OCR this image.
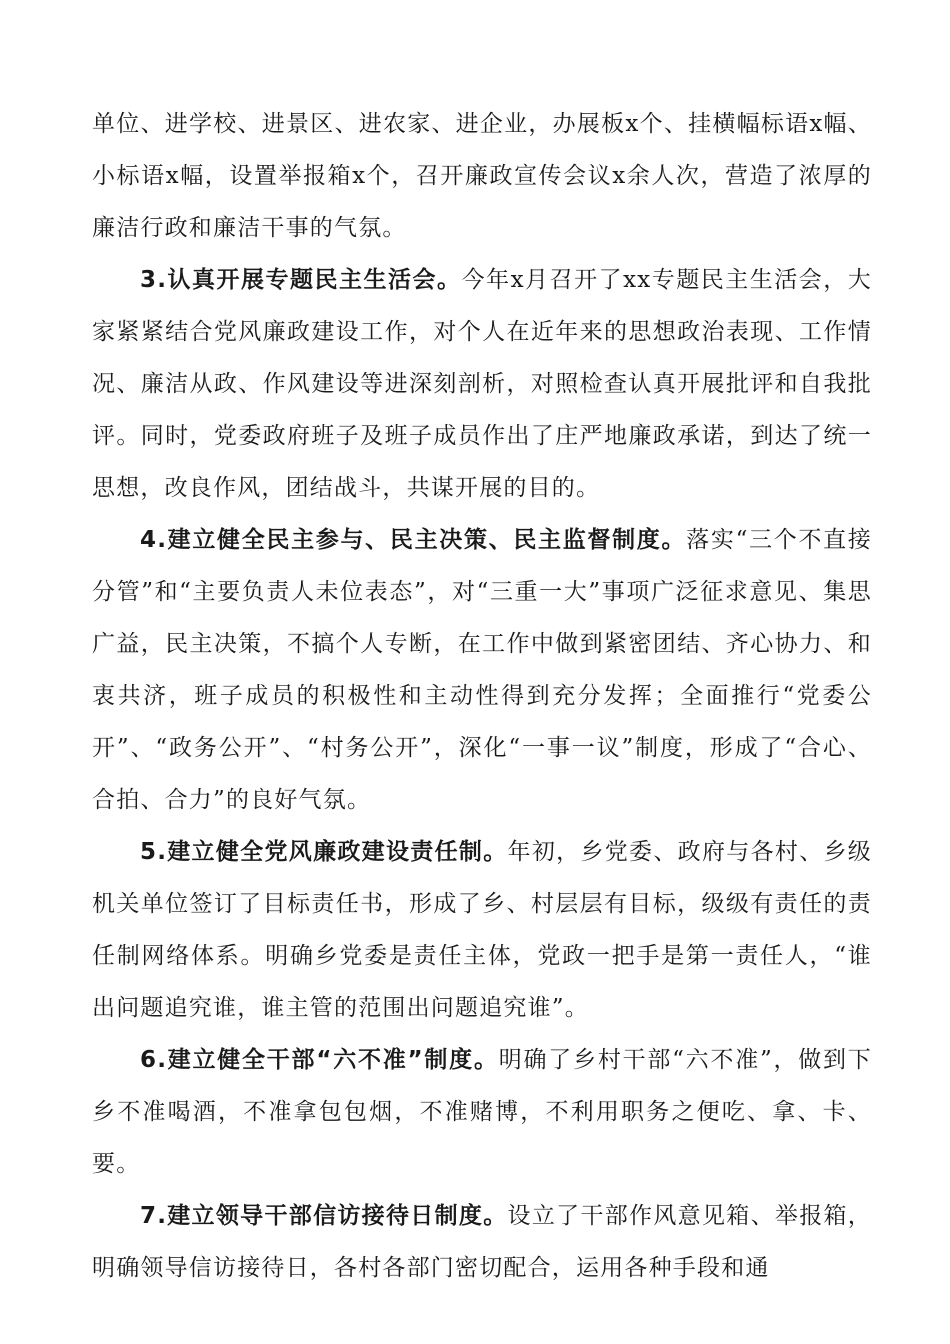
单位、进学校、进景区、进农家、进企业，办展板x个、挂横幅标语x幅、小标语x幅，设置举报箱x个，召开廉政宣传会议x余人次，营造了浓厚的廉洁行政和廉洁干事的气氛。

3.认真开展专题民主生活会。今年x月召开了xx专题民主生活会，大家紧紧结合党风廉政建设工作，对个人在近年来的思想政治表现、工作情况、廉洁从政、作风建设等进深刻剖析，对照检查认真开展批评和自我批评。同时，党委政府班子及班子成员作出了庄严地廉政承诺，到达了统一思想，改良作风，团结战斗，共谋开展的目的。

4.建立健全民主参与、民主决策、民主监督制度。落实“三个不直接分管”和“主要负责人未位表态”，对“三重一大”事项广泛征求意见、集思广益，民主决策，不搞个人专断，在工作中做到紧密团结、齐心协力、和衷共济，班子成员的积极性和主动性得到充分发挥；全面推行“党委公开”、“政务公开”、“村务公开”，深化“一事一议”制度，形成了“合心、合拍、合力”的良好气氛。

5.建立健全党风廉政建设责任制。年初，乡党委、政府与各村、乡级机关单位签订了目标责任书，形成了乡、村层层有目标，级级有责任的责任制网络体系。明确乡党委是责任主体，党政一把手是第一责任人，“谁出问题追究谁，谁主管的范围出问题追究谁”。

6.建立健全干部“六不准”制度。明确了乡村干部“六不准”，做到下乡不准喝酒，不准拿包包烟，不准赌博，不利用职务之便吃、拿、卡、要。

7.建立领导干部信访接待日制度。设立了干部作风意见箱、举报箱，明确领导信访接待日，各村各部门密切配合，运用各种手段和通
